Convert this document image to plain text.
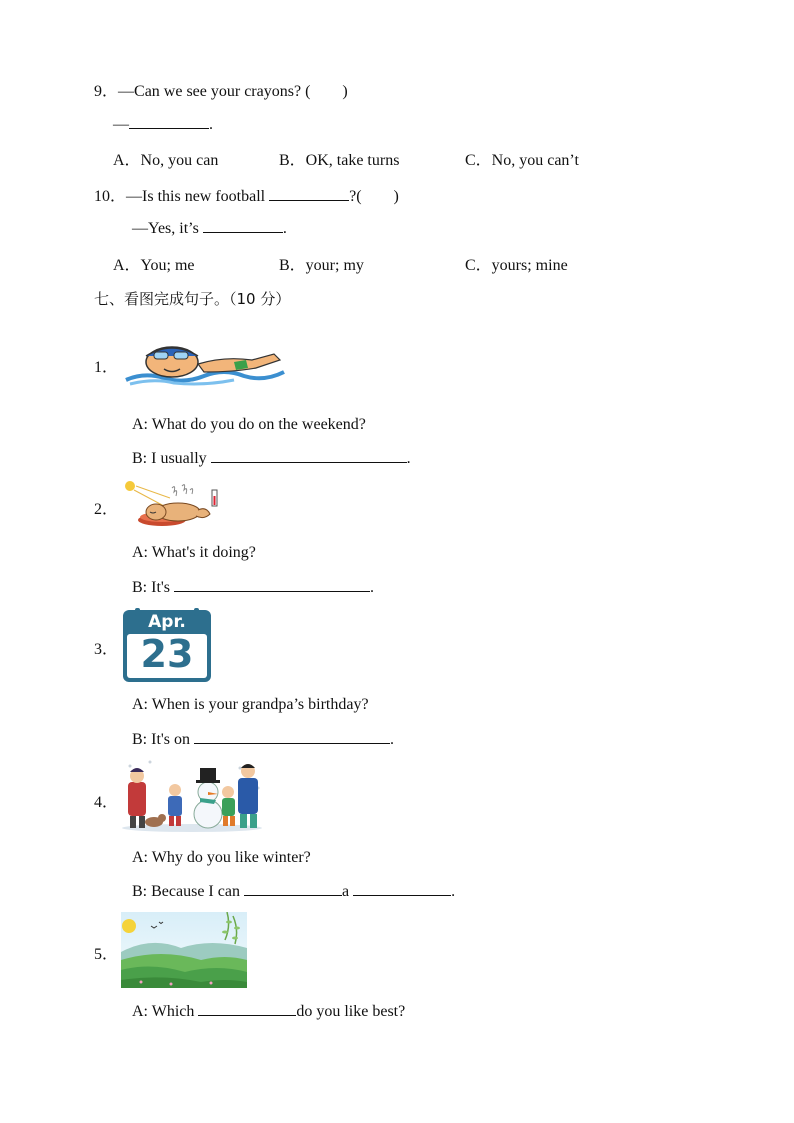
9．—Can we see your crayons? (　　)
—	.
A．No, you can	B．OK, take turns	C．No, you can’t
10．—Is this new football	?(　　)
—Yes, it’s	.
A．You; me	B．your; my	C．yours; mine
七、看图完成句子。（10 分）
1．
A: What do you do on the weekend?
B: I usually	.
2．
A: What's it doing?
B: It's	.
3．
Apr.
23
A: When is your grandpa’s birthday?
B: It's on	.
4．
A: Why do you like winter?
B: Because I can	a	.
5．
A: Which	do you like best?
